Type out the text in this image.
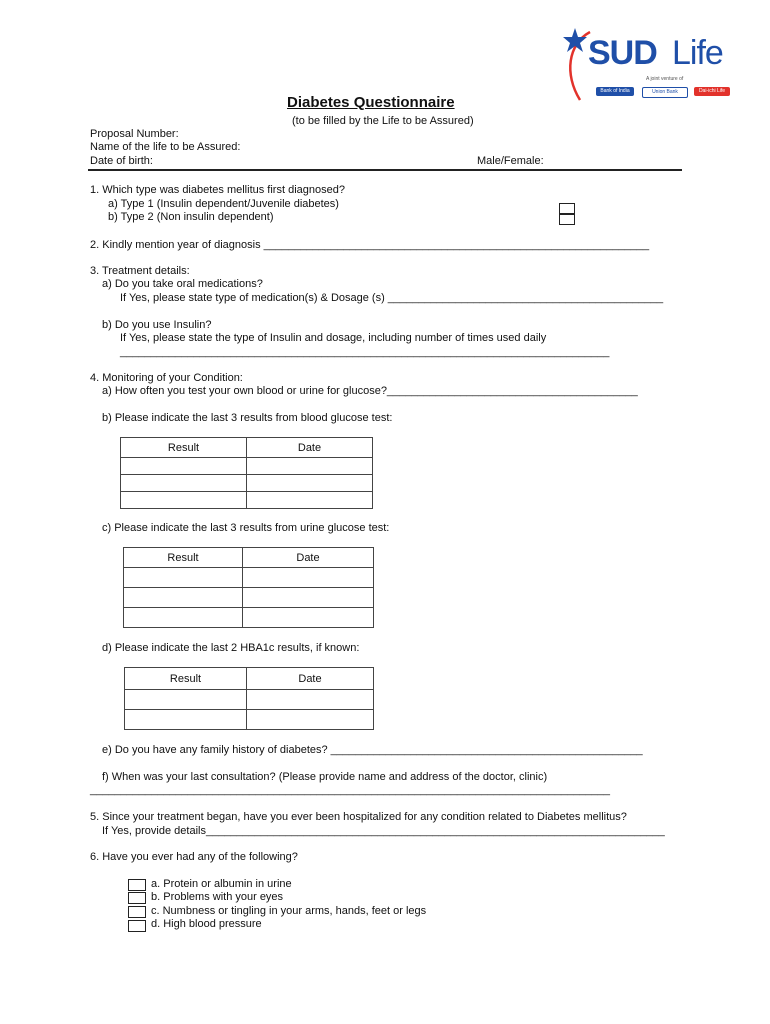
SUD Life
A joint venture of
Bank of India	Union Bank	Dai-ichi Life
Diabetes Questionnaire
(to be filled by the Life to be Assured)
Proposal Number:
Name of the life to be Assured:
Date of birth:	Male/Female:
1. Which type was diabetes mellitus first diagnosed?
a) Type 1 (Insulin dependent/Juvenile diabetes)
b) Type 2 (Non insulin dependent)
2. Kindly mention year of diagnosis _______________________________________________________________
3. Treatment details:
a) Do you take oral medications?
If Yes, please state type of medication(s) & Dosage (s) _____________________________________________
b) Do you use Insulin?
If Yes, please state the type of Insulin and dosage, including number of times used daily
________________________________________________________________________________
4. Monitoring of your Condition:
a) How often you test your own blood or urine for glucose?_________________________________________
b) Please indicate the last 3 results from blood glucose test:
Result	Date

c) Please indicate the last 3 results from urine glucose test:
Result	Date

d) Please indicate the last 2 HBA1c results, if known:
Result	Date

e) Do you have any family history of diabetes? ___________________________________________________
f) When was your last consultation? (Please provide name and address of the doctor, clinic)
_____________________________________________________________________________________
5. Since your treatment began, have you ever been hospitalized for any condition related to Diabetes mellitus?
If Yes, provide details___________________________________________________________________________
6. Have you ever had any of the following?
a. Protein or albumin in urine
b. Problems with your eyes
c. Numbness or tingling in your arms, hands, feet or legs
d. High blood pressure
